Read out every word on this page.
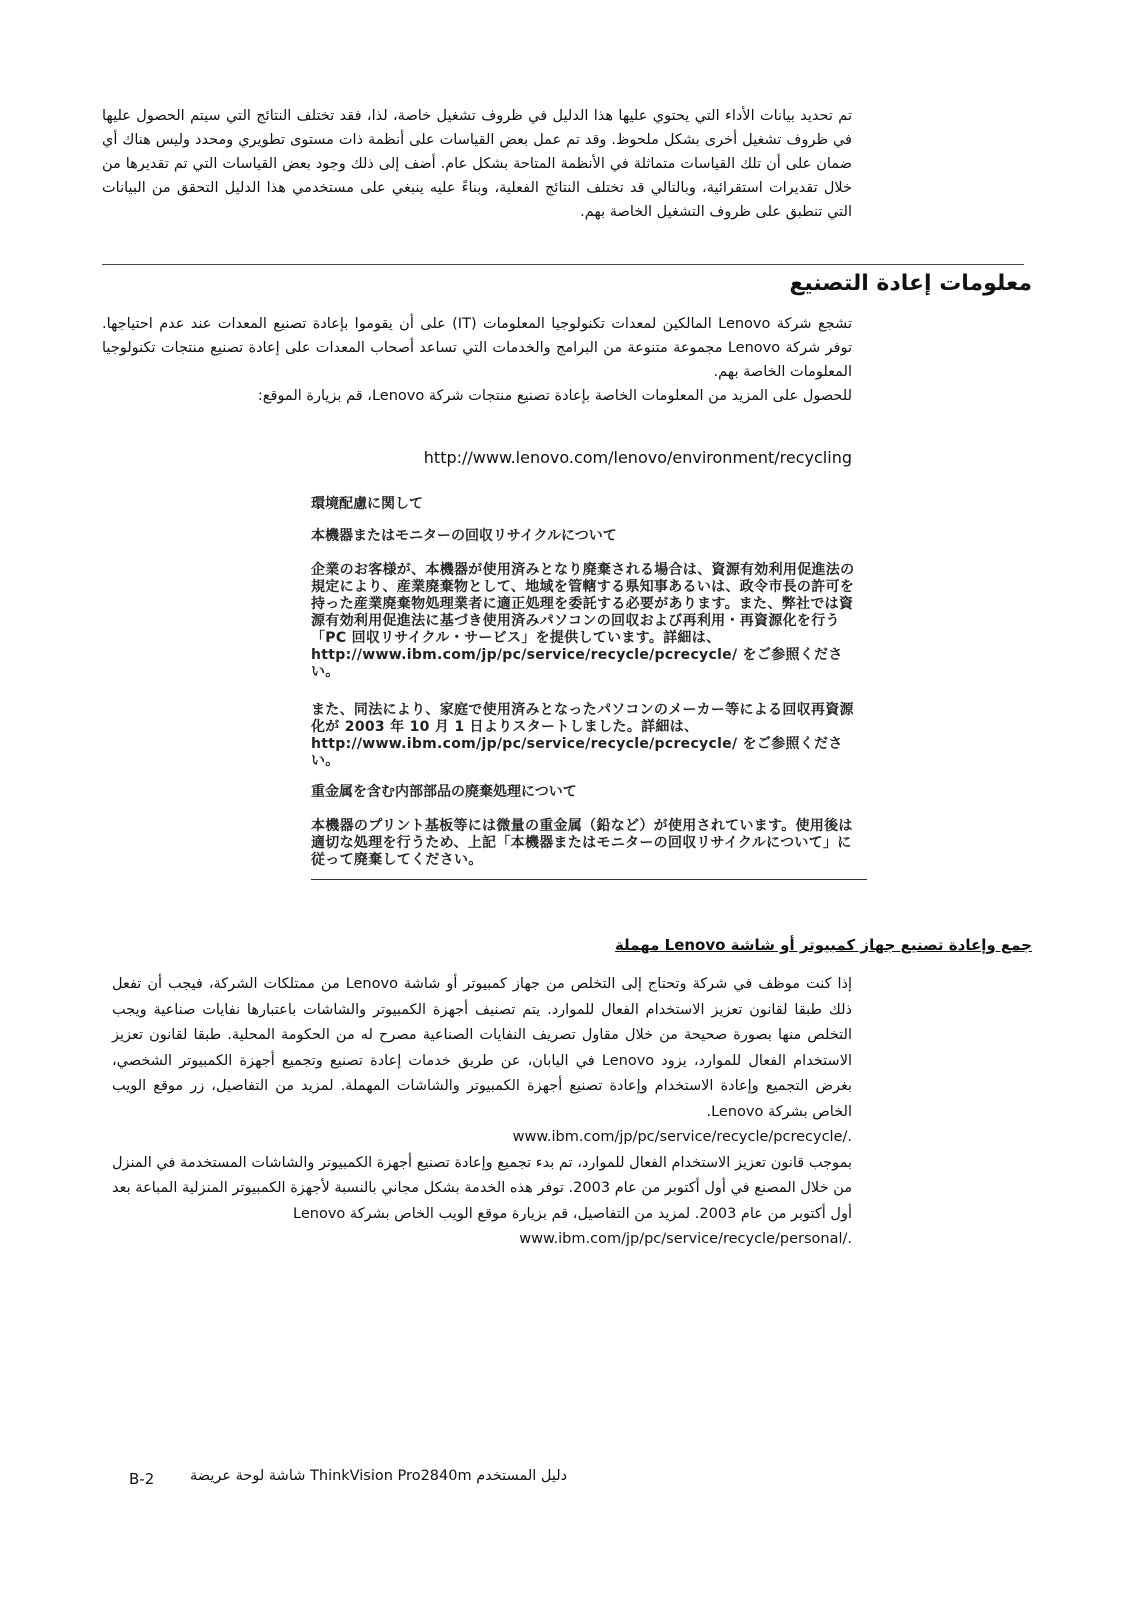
تم تحديد بيانات الأداء التي يحتوي عليها هذا الدليل في ظروف تشغيل خاصة، لذا، فقد تختلف النتائج التي سيتم الحصول عليها في ظروف تشغيل أخرى بشكل ملحوظ. وقد تم عمل بعض القياسات على أنظمة ذات مستوى تطويري ومحدد وليس هناك أي ضمان على أن تلك القياسات متماثلة في الأنظمة المتاحة بشكل عام. أضف إلى ذلك وجود بعض القياسات التي تم تقديرها من خلال تقديرات استقرائية، وبالتالي قد تختلف النتائج الفعلية، وبناءً عليه ينبغي على مستخدمي هذا الدليل التحقق من البيانات التي تنطبق على ظروف التشغيل الخاصة بهم.
معلومات إعادة التصنيع
تشجع شركة Lenovo المالكين لمعدات تكنولوجيا المعلومات (IT) على أن يقوموا بإعادة تصنيع المعدات عند عدم احتياجها. توفر شركة Lenovo مجموعة متنوعة من البرامج والخدمات التي تساعد أصحاب المعدات على إعادة تصنيع منتجات تكنولوجيا المعلومات الخاصة بهم.
للحصول على المزيد من المعلومات الخاصة بإعادة تصنيع منتجات شركة Lenovo، قم بزيارة الموقع:
http://www.lenovo.com/lenovo/environment/recycling
環境配慮に関して
本機器またはモニターの回収リサイクルについて

企業のお客様が、本機器が使用済みとなり廃棄される場合は、資源有効利用促進法の規定により、産業廃棄物として、地域を管轄する県知事あるいは、政令市長の許可を持った産業廃棄物処理業者に適正処理を委託する必要があります。また、弊社では資源有効利用促進法に基づき使用済みパソコンの回収および再利用・再資源化を行う「PC 回収リサイクル・サービス」を提供しています。詳細は、http://www.ibm.com/jp/pc/service/recycle/pcrecycle/ をご参照ください。

また、同法により、家庭で使用済みとなったパソコンのメーカー等による回収再資源化が 2003 年 10 月 1 日よりスタートしました。詳細は、http://www.ibm.com/jp/pc/service/recycle/pcrecycle/ をご参照ください。

重金属を含む内部部品の廃棄処理について

本機器のプリント基板等には微量の重金属（鉛など）が使用されています。使用後は適切な処理を行うため、上記「本機器またはモニターの回収リサイクルについて」に従って廃棄してください。

جمع وإعادة تصنيع جهاز كمبيوتر أو شاشة Lenovo مهملة
إذا كنت موظف في شركة وتحتاج إلى التخلص من جهاز كمبيوتر أو شاشة Lenovo من ممتلكات الشركة، فيجب أن تفعل ذلك طبقا لقانون تعزيز الاستخدام الفعال للموارد. يتم تصنيف أجهزة الكمبيوتر والشاشات باعتبارها نفايات صناعية ويجب التخلص منها بصورة صحيحة من خلال مقاول تصريف النفايات الصناعية مصرح له من الحكومة المحلية. طبقا لقانون تعزيز الاستخدام الفعال للموارد، يزود Lenovo في اليابان، عن طريق خدمات إعادة تصنيع وتجميع أجهزة الكمبيوتر الشخصي، بغرض التجميع وإعادة الاستخدام وإعادة تصنيع أجهزة الكمبيوتر والشاشات المهملة. لمزيد من التفاصيل، زر موقع الويب الخاص بشركة Lenovo.
www.ibm.com/jp/pc/service/recycle/pcrecycle/.
بموجب قانون تعزيز الاستخدام الفعال للموارد، تم بدء تجميع وإعادة تصنيع أجهزة الكمبيوتر والشاشات المستخدمة في المنزل من خلال المصنع في أول أكتوبر من عام 2003. توفر هذه الخدمة بشكل مجاني بالنسبة لأجهزة الكمبيوتر المنزلية المباعة بعد أول أكتوبر من عام 2003. لمزيد من التفاصيل، قم بزيارة موقع الويب الخاص بشركة Lenovo
www.ibm.com/jp/pc/service/recycle/personal/.
B-2 دليل المستخدم ThinkVision Pro2840m شاشة لوحة عريضة
